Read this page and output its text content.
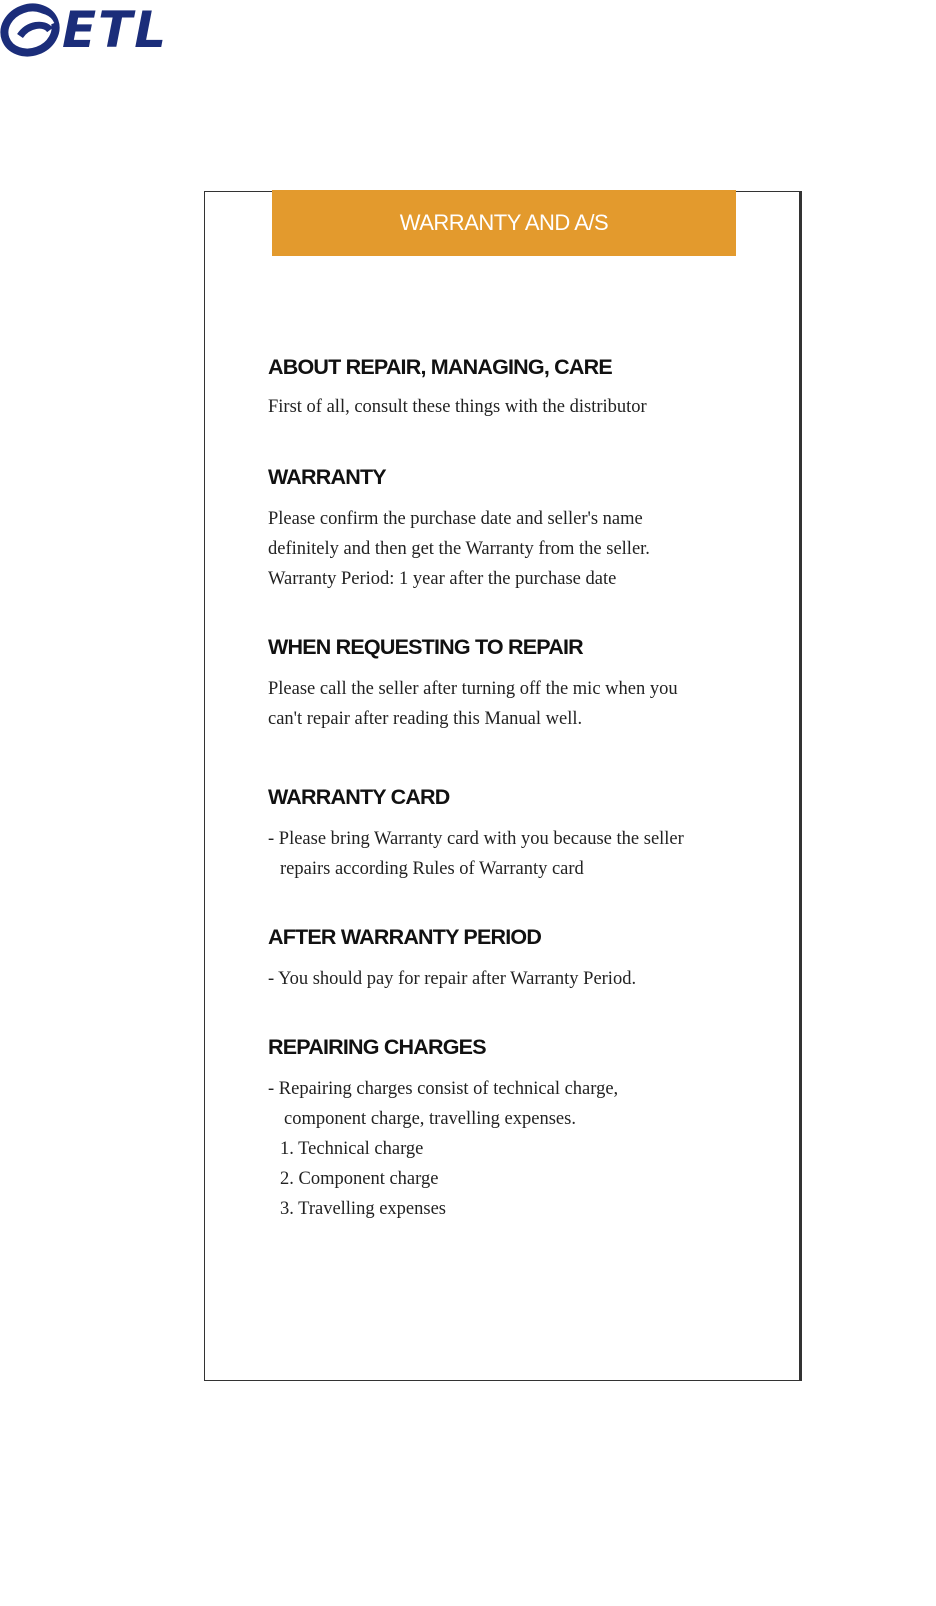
ETL
WARRANTY AND A/S

ABOUT REPAIR, MANAGING, CARE

First of all, consult these things with the distributor

WARRANTY

Please confirm the purchase date and seller's name

definitely and then get the Warranty from the seller.

Warranty Period: 1 year after the purchase date

WHEN REQUESTING TO REPAIR

Please call the seller after turning off the mic when you

can't repair after reading this Manual well.

WARRANTY CARD

- Please bring Warranty card with you because the seller

repairs according Rules of Warranty card

AFTER WARRANTY PERIOD

- You should pay for repair after Warranty Period.

REPAIRING CHARGES

- Repairing charges consist of technical charge,

component charge, travelling expenses.

1. Technical charge

2. Component charge

3. Travelling expenses
